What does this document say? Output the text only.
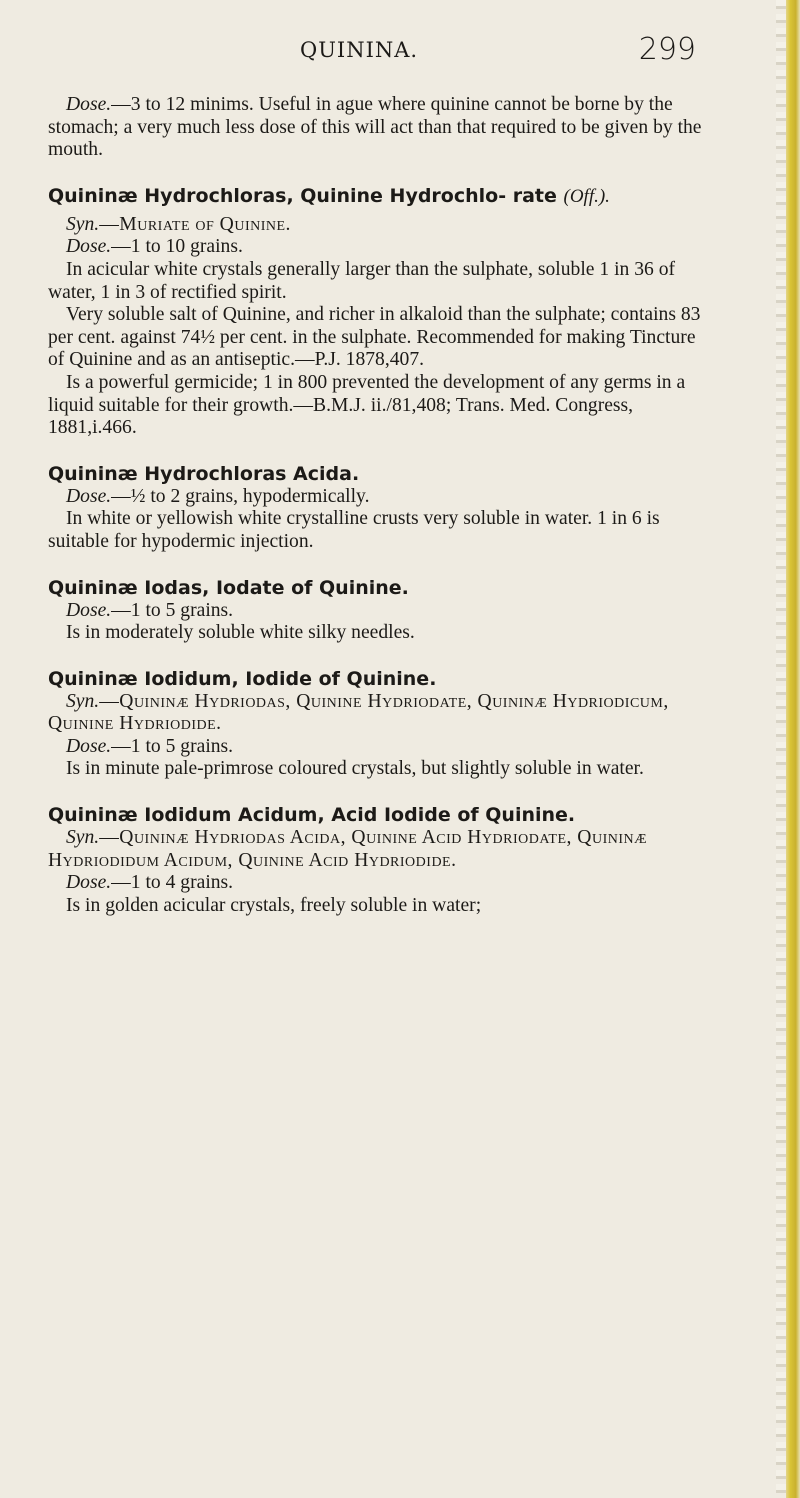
QUININA.	299

Dose.—3 to 12 minims. Useful in ague where quinine cannot be borne by the stomach; a very much less dose of this will act than that required to be given by the mouth.

Quininæ Hydrochloras, Quinine Hydrochlo- rate (Off.).

Syn.—Muriate of Quinine.

Dose.—1 to 10 grains.

In acicular white crystals generally larger than the sulphate, soluble 1 in 36 of water, 1 in 3 of rectified spirit.

Very soluble salt of Quinine, and richer in alkaloid than the sulphate; contains 83 per cent. against 74½ per cent. in the sulphate. Recommended for making Tincture of Quinine and as an antiseptic.—P.J. 1878,407.

Is a powerful germicide; 1 in 800 prevented the development of any germs in a liquid suitable for their growth.—B.M.J. ii./81,408; Trans. Med. Congress, 1881,i.466.

Quininæ Hydrochloras Acida.

Dose.—½ to 2 grains, hypodermically.

In white or yellowish white crystalline crusts very soluble in water. 1 in 6 is suitable for hypodermic injection.

Quininæ Iodas, Iodate of Quinine.

Dose.—1 to 5 grains.

Is in moderately soluble white silky needles.

Quininæ Iodidum, Iodide of Quinine.

Syn.—Quininæ Hydriodas, Quinine Hydriodate, Quininæ Hydriodicum, Quinine Hydriodide.

Dose.—1 to 5 grains.

Is in minute pale-primrose coloured crystals, but slightly soluble in water.

Quininæ Iodidum Acidum, Acid Iodide of Quinine.

Syn.—Quininæ Hydriodas Acida, Quinine Acid Hydriodate, Quininæ Hydriodidum Acidum, Quinine Acid Hydriodide.

Dose.—1 to 4 grains.

Is in golden acicular crystals, freely soluble in water;
